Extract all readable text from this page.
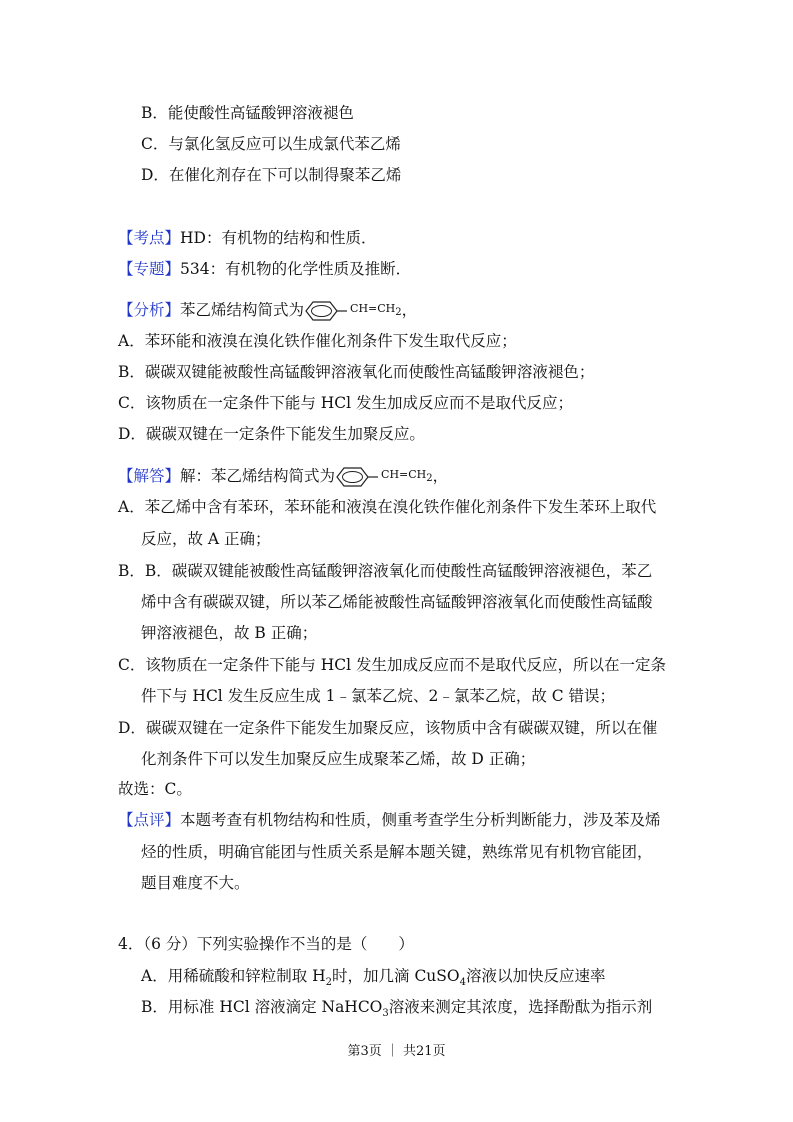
B．能使酸性高锰酸钾溶液褪色
C．与氯化氢反应可以生成氯代苯乙烯
D．在催化剂存在下可以制得聚苯乙烯
【考点】HD：有机物的结构和性质．
【专题】534：有机物的化学性质及推断．
【分析】苯乙烯结构简式为	$CH=CH_2$ ，
A．苯环能和液溴在溴化铁作催化剂条件下发生取代反应；
B．碳碳双键能被酸性高锰酸钾溶液氧化而使酸性高锰酸钾溶液褪色；
C．该物质在一定条件下能与 HCl 发生加成反应而不是取代反应；
D．碳碳双键在一定条件下能发生加聚反应。
【解答】解：苯乙烯结构简式为	$CH=CH_2$ ，
A．苯乙烯中含有苯环，苯环能和液溴在溴化铁作催化剂条件下发生苯环上取代
反应，故 A 正确；
B．B．碳碳双键能被酸性高锰酸钾溶液氧化而使酸性高锰酸钾溶液褪色，苯乙
烯中含有碳碳双键，所以苯乙烯能被酸性高锰酸钾溶液氧化而使酸性高锰酸
钾溶液褪色，故 B 正确；
C．该物质在一定条件下能与 HCl 发生加成反应而不是取代反应，所以在一定条
件下与 HCl 发生反应生成 1﹣氯苯乙烷、2﹣氯苯乙烷，故 C 错误；
D．碳碳双键在一定条件下能发生加聚反应，该物质中含有碳碳双键，所以在催
化剂条件下可以发生加聚反应生成聚苯乙烯，故 D 正确；
故选：C。
【点评】本题考查有机物结构和性质，侧重考查学生分析判断能力，涉及苯及烯
烃的性质，明确官能团与性质关系是解本题关键，熟练常见有机物官能团，
题目难度不大。
4．（6 分）下列实验操作不当的是（　　）
A．用稀硫酸和锌粒制取 $H_2$时，加几滴 CuSO$_4$溶液以加快反应速率
B．用标准 HCl 溶液滴定 NaHCO$_3$溶液来测定其浓度，选择酚酞为指示剂
第3页 ｜ 共21页
